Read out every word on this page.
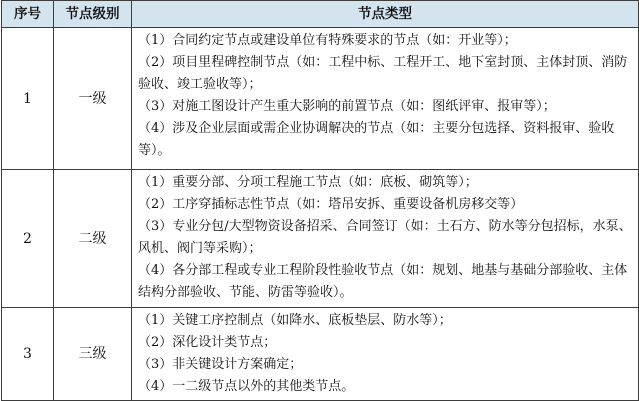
序号	节点级别	节点类型
1	一级	（1）合同约定节点或建设单位有特殊要求的节点（如：开业等）；
（2）项目里程碑控制节点（如：工程中标、工程开工、地下室封顶、主体封顶、消防验收、竣工验收等）；
（3）对施工图设计产生重大影响的前置节点（如：图纸评审、报审等）；
（4）涉及企业层面或需企业协调解决的节点（如：主要分包选择、资料报审、验收等）。

2	二级	（1）重要分部、分项工程施工节点（如：底板、砌筑等）；
（2）工序穿插标志性节点（如：塔吊安拆、重要设备机房移交等）
（3）专业分包/大型物资设备招采、合同签订（如：土石方、防水等分包招标，水泵、风机、阀门等采购）；
（4）各分部工程或专业工程阶段性验收节点（如：规划、地基与基础分部验收、主体结构分部验收、节能、防雷等验收）。

3	三级	（1）关键工序控制点（如降水、底板垫层、防水等）；
（2）深化设计类节点；
（3）非关键设计方案确定；
（4）一二级节点以外的其他类节点。
